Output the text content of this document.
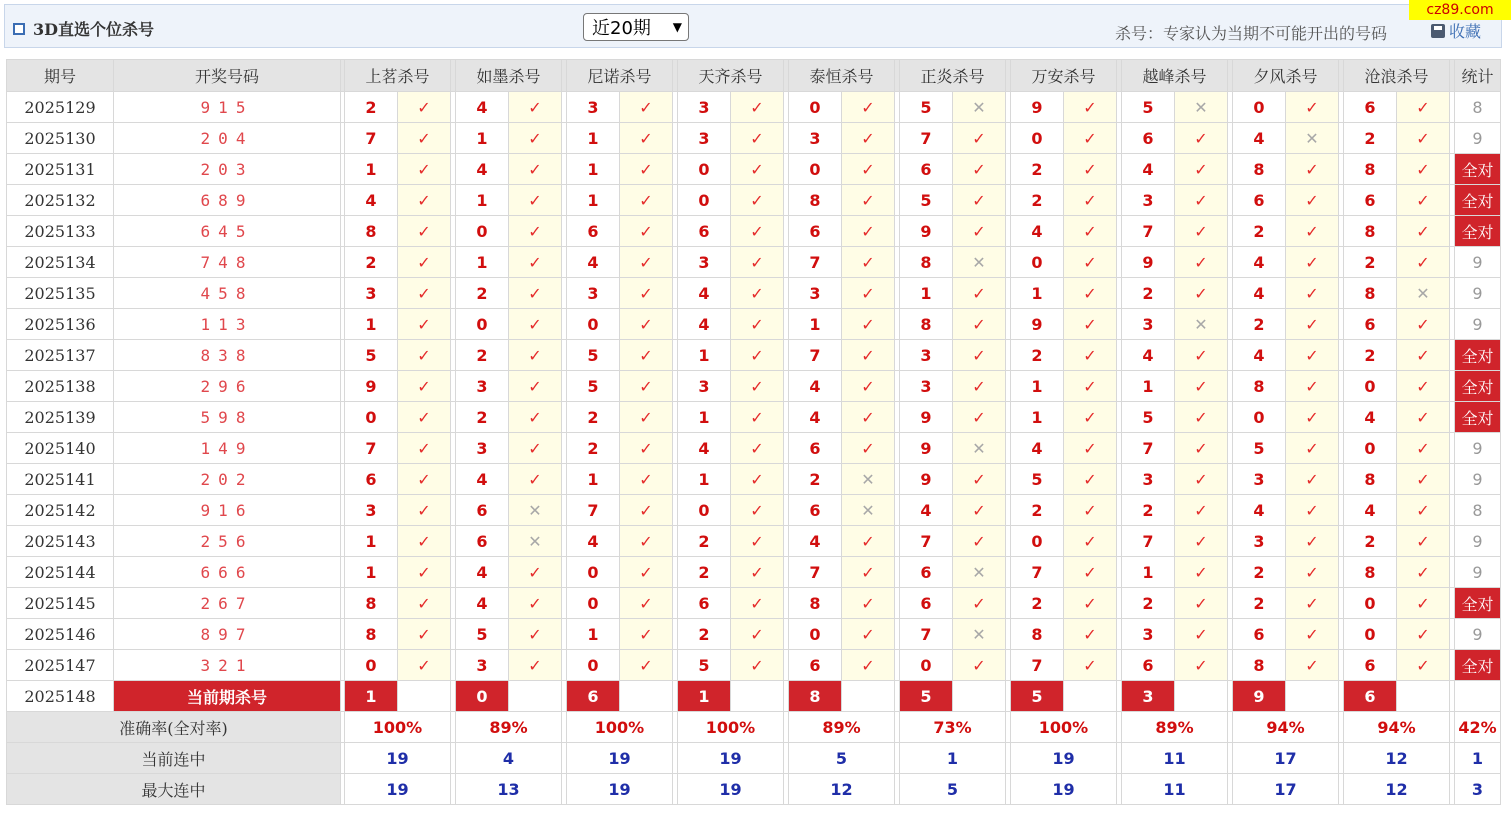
3D直选个位杀号	近20期 ▼	杀号：专家认为当期不可能开出的号码	收藏
cz89.com
期号	开奖号码		上茗杀号			如墨杀号			尼诺杀号			天齐杀号			泰恒杀号			正炎杀号			万安杀号			越峰杀号			夕风杀号			沧浪杀号			统计
2025129	915		2	✓		4	✓		3	✓		3	✓		0	✓		5	✕		9	✓		5	✕		0	✓		6	✓		8
2025130	204		7	✓		1	✓		1	✓		3	✓		3	✓		7	✓		0	✓		6	✓		4	✕		2	✓		9
2025131	203		1	✓		4	✓		1	✓		0	✓		0	✓		6	✓		2	✓		4	✓		8	✓		8	✓		全对
2025132	689		4	✓		1	✓		1	✓		0	✓		8	✓		5	✓		2	✓		3	✓		6	✓		6	✓		全对
2025133	645		8	✓		0	✓		6	✓		6	✓		6	✓		9	✓		4	✓		7	✓		2	✓		8	✓		全对
2025134	748		2	✓		1	✓		4	✓		3	✓		7	✓		8	✕		0	✓		9	✓		4	✓		2	✓		9
2025135	458		3	✓		2	✓		3	✓		4	✓		3	✓		1	✓		1	✓		2	✓		4	✓		8	✕		9
2025136	113		1	✓		0	✓		0	✓		4	✓		1	✓		8	✓		9	✓		3	✕		2	✓		6	✓		9
2025137	838		5	✓		2	✓		5	✓		1	✓		7	✓		3	✓		2	✓		4	✓		4	✓		2	✓		全对
2025138	296		9	✓		3	✓		5	✓		3	✓		4	✓		3	✓		1	✓		1	✓		8	✓		0	✓		全对
2025139	598		0	✓		2	✓		2	✓		1	✓		4	✓		9	✓		1	✓		5	✓		0	✓		4	✓		全对
2025140	149		7	✓		3	✓		2	✓		4	✓		6	✓		9	✕		4	✓		7	✓		5	✓		0	✓		9
2025141	202		6	✓		4	✓		1	✓		1	✓		2	✕		9	✓		5	✓		3	✓		3	✓		8	✓		9
2025142	916		3	✓		6	✕		7	✓		0	✓		6	✕		4	✓		2	✓		2	✓		4	✓		4	✓		8
2025143	256		1	✓		6	✕		4	✓		2	✓		4	✓		7	✓		0	✓		7	✓		3	✓		2	✓		9
2025144	666		1	✓		4	✓		0	✓		2	✓		7	✓		6	✕		7	✓		1	✓		2	✓		8	✓		9
2025145	267		8	✓		4	✓		0	✓		6	✓		8	✓		6	✓		2	✓		2	✓		2	✓		0	✓		全对
2025146	897		8	✓		5	✓		1	✓		2	✓		0	✓		7	✕		8	✓		3	✓		6	✓		0	✓		9
2025147	321		0	✓		3	✓		0	✓		5	✓		6	✓		0	✓		7	✓		6	✓		8	✓		6	✓		全对
2025148	当前期杀号		1			0			6			1			8			5			5			3			9			6			
准确率(全对率)			100%			89%			100%			100%			89%			73%			100%			89%			94%			94%			42%
当前连中			19			4			19			19			5			1			19			11			17			12			1
最大连中			19			13			19			19			12			5			19			11			17			12			3
